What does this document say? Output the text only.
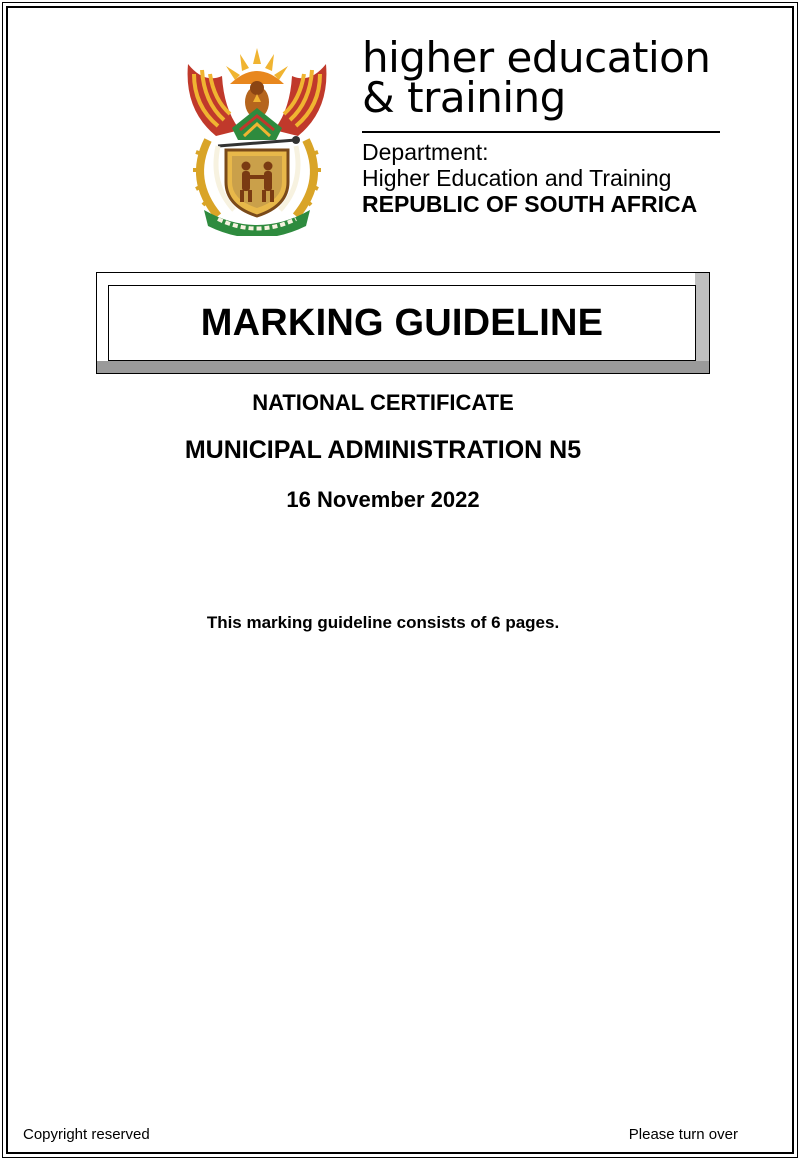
higher education
& training
Department:
Higher Education and Training
REPUBLIC OF SOUTH AFRICA
MARKING GUIDELINE
NATIONAL CERTIFICATE
MUNICIPAL ADMINISTRATION N5
16 November 2022
This marking guideline consists of 6 pages.
Copyright reserved	Please turn over
